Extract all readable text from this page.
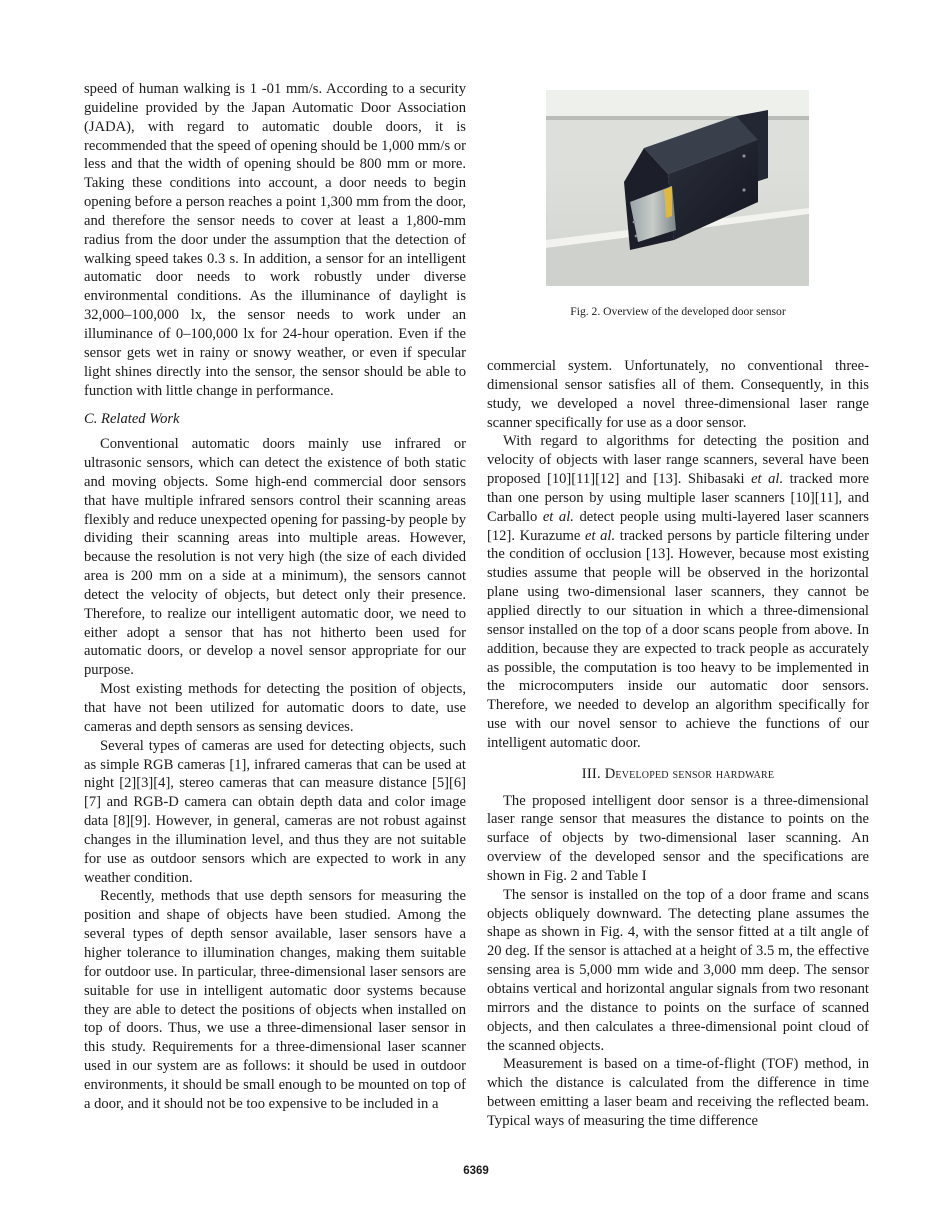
speed of human walking is 1 -01 mm/s. According to a security guideline provided by the Japan Automatic Door Association (JADA), with regard to automatic double doors, it is recommended that the speed of opening should be 1,000 mm/s or less and that the width of opening should be 800 mm or more. Taking these conditions into account, a door needs to begin opening before a person reaches a point 1,300 mm from the door, and therefore the sensor needs to cover at least a 1,800-mm radius from the door under the assumption that the detection of walking speed takes 0.3 s. In addition, a sensor for an intelligent automatic door needs to work robustly under diverse environmental conditions. As the illuminance of daylight is 32,000–100,000 lx, the sensor needs to work under an illuminance of 0–100,000 lx for 24-hour operation. Even if the sensor gets wet in rainy or snowy weather, or even if specular light shines directly into the sensor, the sensor should be able to function with little change in performance.

C. Related Work

Conventional automatic doors mainly use infrared or ultrasonic sensors, which can detect the existence of both static and moving objects. Some high-end commercial door sensors that have multiple infrared sensors control their scanning areas flexibly and reduce unexpected opening for passing-by people by dividing their scanning areas into multiple areas. However, because the resolution is not very high (the size of each divided area is 200 mm on a side at a minimum), the sensors cannot detect the velocity of objects, but detect only their presence. Therefore, to realize our intelligent automatic door, we need to either adopt a sensor that has not hitherto been used for automatic doors, or develop a novel sensor appropriate for our purpose.

Most existing methods for detecting the position of objects, that have not been utilized for automatic doors to date, use cameras and depth sensors as sensing devices.

Several types of cameras are used for detecting objects, such as simple RGB cameras [1], infrared cameras that can be used at night [2][3][4], stereo cameras that can measure distance [5][6][7] and RGB-D camera can obtain depth data and color image data [8][9]. However, in general, cameras are not robust against changes in the illumination level, and thus they are not suitable for use as outdoor sensors which are expected to work in any weather condition.

Recently, methods that use depth sensors for measuring the position and shape of objects have been studied. Among the several types of depth sensor available, laser sensors have a higher tolerance to illumination changes, making them suitable for outdoor use. In particular, three-dimensional laser sensors are suitable for use in intelligent automatic door systems because they are able to detect the positions of objects when installed on top of doors. Thus, we use a three-dimensional laser sensor in this study. Requirements for a three-dimensional laser scanner used in our system are as follows: it should be used in outdoor environments, it should be small enough to be mounted on top of a door, and it should not be too expensive to be included in a

Fig. 2. Overview of the developed door sensor

commercial system. Unfortunately, no conventional three-dimensional sensor satisfies all of them. Consequently, in this study, we developed a novel three-dimensional laser range scanner specifically for use as a door sensor.

With regard to algorithms for detecting the position and velocity of objects with laser range scanners, several have been proposed [10][11][12] and [13]. Shibasaki et al. tracked more than one person by using multiple laser scanners [10][11], and Carballo et al. detect people using multi-layered laser scanners [12]. Kurazume et al. tracked persons by particle filtering under the condition of occlusion [13]. However, because most existing studies assume that people will be observed in the horizontal plane using two-dimensional laser scanners, they cannot be applied directly to our situation in which a three-dimensional sensor installed on the top of a door scans people from above. In addition, because they are expected to track people as accurately as possible, the computation is too heavy to be implemented in the microcomputers inside our automatic door sensors. Therefore, we needed to develop an algorithm specifically for use with our novel sensor to achieve the functions of our intelligent automatic door.

III. Developed sensor hardware

The proposed intelligent door sensor is a three-dimensional laser range sensor that measures the distance to points on the surface of objects by two-dimensional laser scanning. An overview of the developed sensor and the specifications are shown in Fig. 2 and Table I

The sensor is installed on the top of a door frame and scans objects obliquely downward. The detecting plane assumes the shape as shown in Fig. 4, with the sensor fitted at a tilt angle of 20 deg. If the sensor is attached at a height of 3.5 m, the effective sensing area is 5,000 mm wide and 3,000 mm deep. The sensor obtains vertical and horizontal angular signals from two resonant mirrors and the distance to points on the surface of scanned objects, and then calculates a three-dimensional point cloud of the scanned objects.

Measurement is based on a time-of-flight (TOF) method, in which the distance is calculated from the difference in time between emitting a laser beam and receiving the reflected beam. Typical ways of measuring the time difference

6369
